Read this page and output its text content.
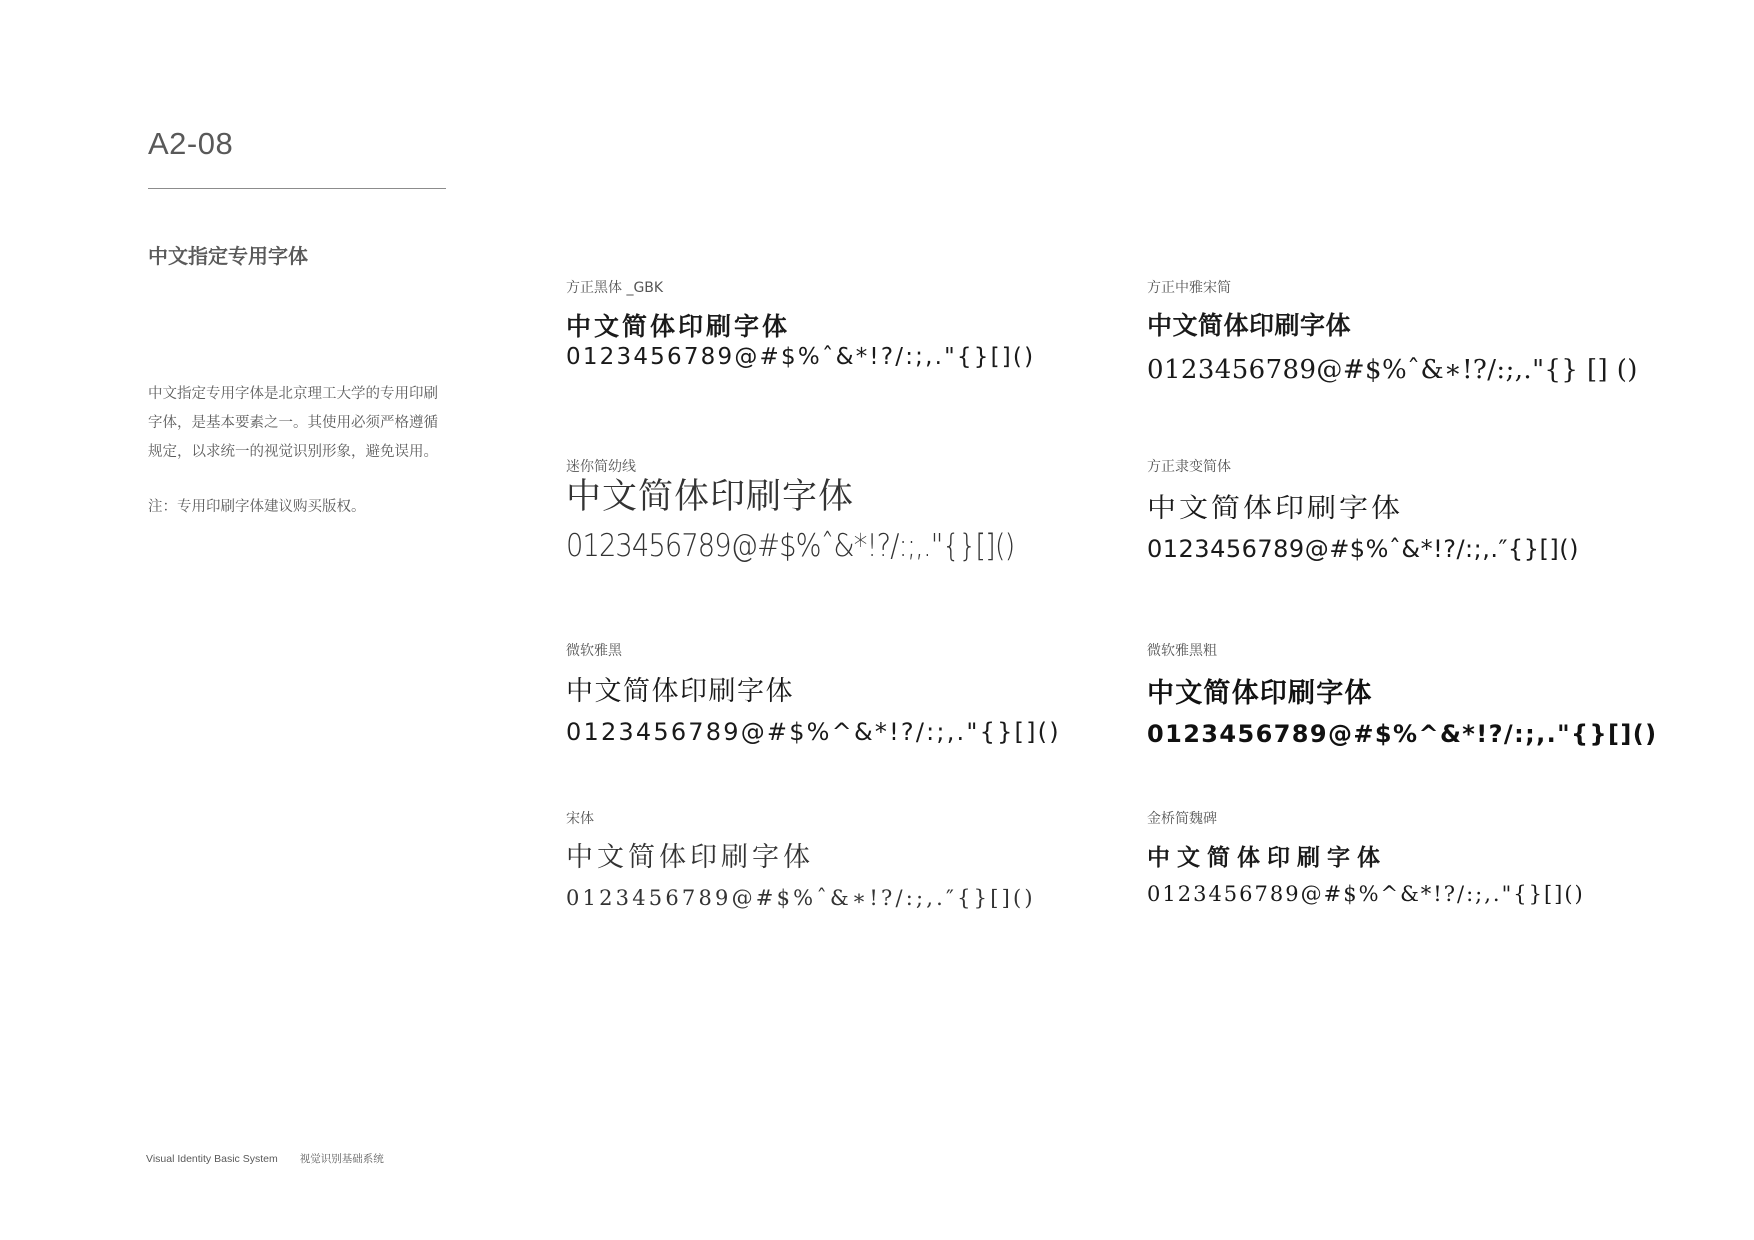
A2-08
中文指定专用字体
中文指定专用字体是北京理工大学的专用印刷
字体，是基本要素之一。其使用必须严格遵循
规定，以求统一的视觉识别形象，避免误用。
注：专用印刷字体建议购买版权。
方正黑体 _GBK
中文简体印刷字体
0123456789@#$%ˆ&*!?/:;,."{}[]()
方正中雅宋简
中文简体印刷字体
0123456789@#$%ˆ&∗!?/:;,."{} [] ()
迷你简幼线
中文简体印刷字体
0123456789@#$%ˆ&*!?/:;,."{}[]()
方正隶变简体
中文简体印刷字体
0123456789@#$%ˆ&*!?/:;,.″{}[]()
微软雅黑
中文简体印刷字体
0123456789@#$%^&*!?/:;,."{}[]()
微软雅黑粗
中文简体印刷字体
0123456789@#$%^&*!?/:;,."{}[]()
宋体
中文简体印刷字体
0123456789@#$%ˆ&∗!?/:;,.″{}[]()
金桥简魏碑
中文简体印刷字体
0123456789@#$%^&*!?/:;,."{}[]()
Visual Identity Basic System 视觉识别基础系统
